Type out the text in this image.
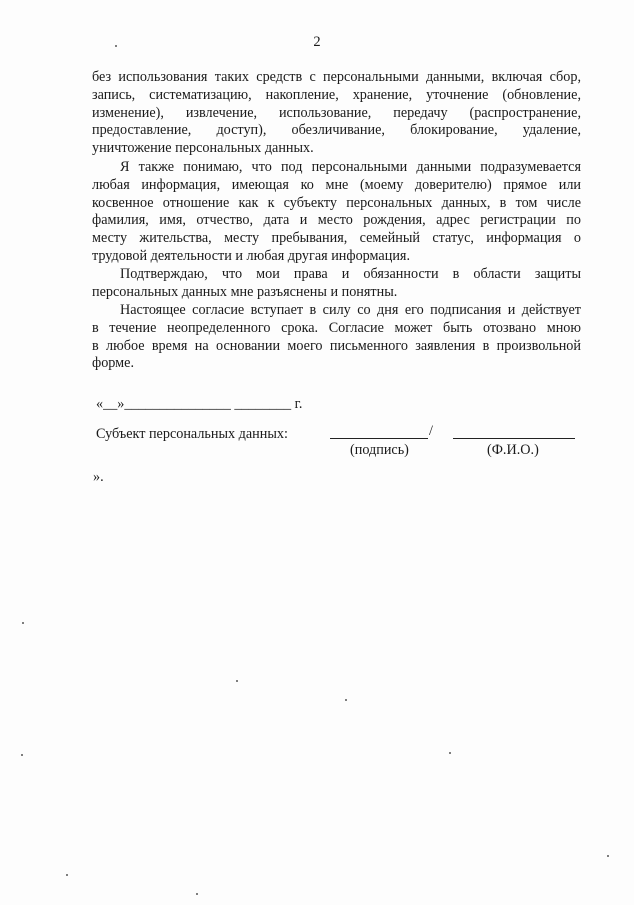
2

без использования таких средств с персональными данными, включая сбор,
запись, систематизацию, накопление, хранение, уточнение (обновление,
изменение), извлечение, использование, передачу (распространение,
предоставление, доступ), обезличивание, блокирование, удаление,
уничтожение персональных данных.

Я также понимаю, что под персональными данными подразумевается
любая информация, имеющая ко мне (моему доверителю) прямое или
косвенное отношение как к субъекту персональных данных, в том числе
фамилия, имя, отчество, дата и место рождения, адрес регистрации по
месту жительства, месту пребывания, семейный статус, информация о
трудовой деятельности и любая другая информация.

Подтверждаю, что мои права и обязанности в области защиты
персональных данных мне разъяснены и понятны.

Настоящее согласие вступает в силу со дня его подписания и действует
в течение неопределенного срока. Согласие может быть отозвано мною
в любое время на основании моего письменного заявления в произвольной
форме.

«__»_______________ ________ г.
Субъект персональных данных:	/
(подпись)	(Ф.И.О.)
».
